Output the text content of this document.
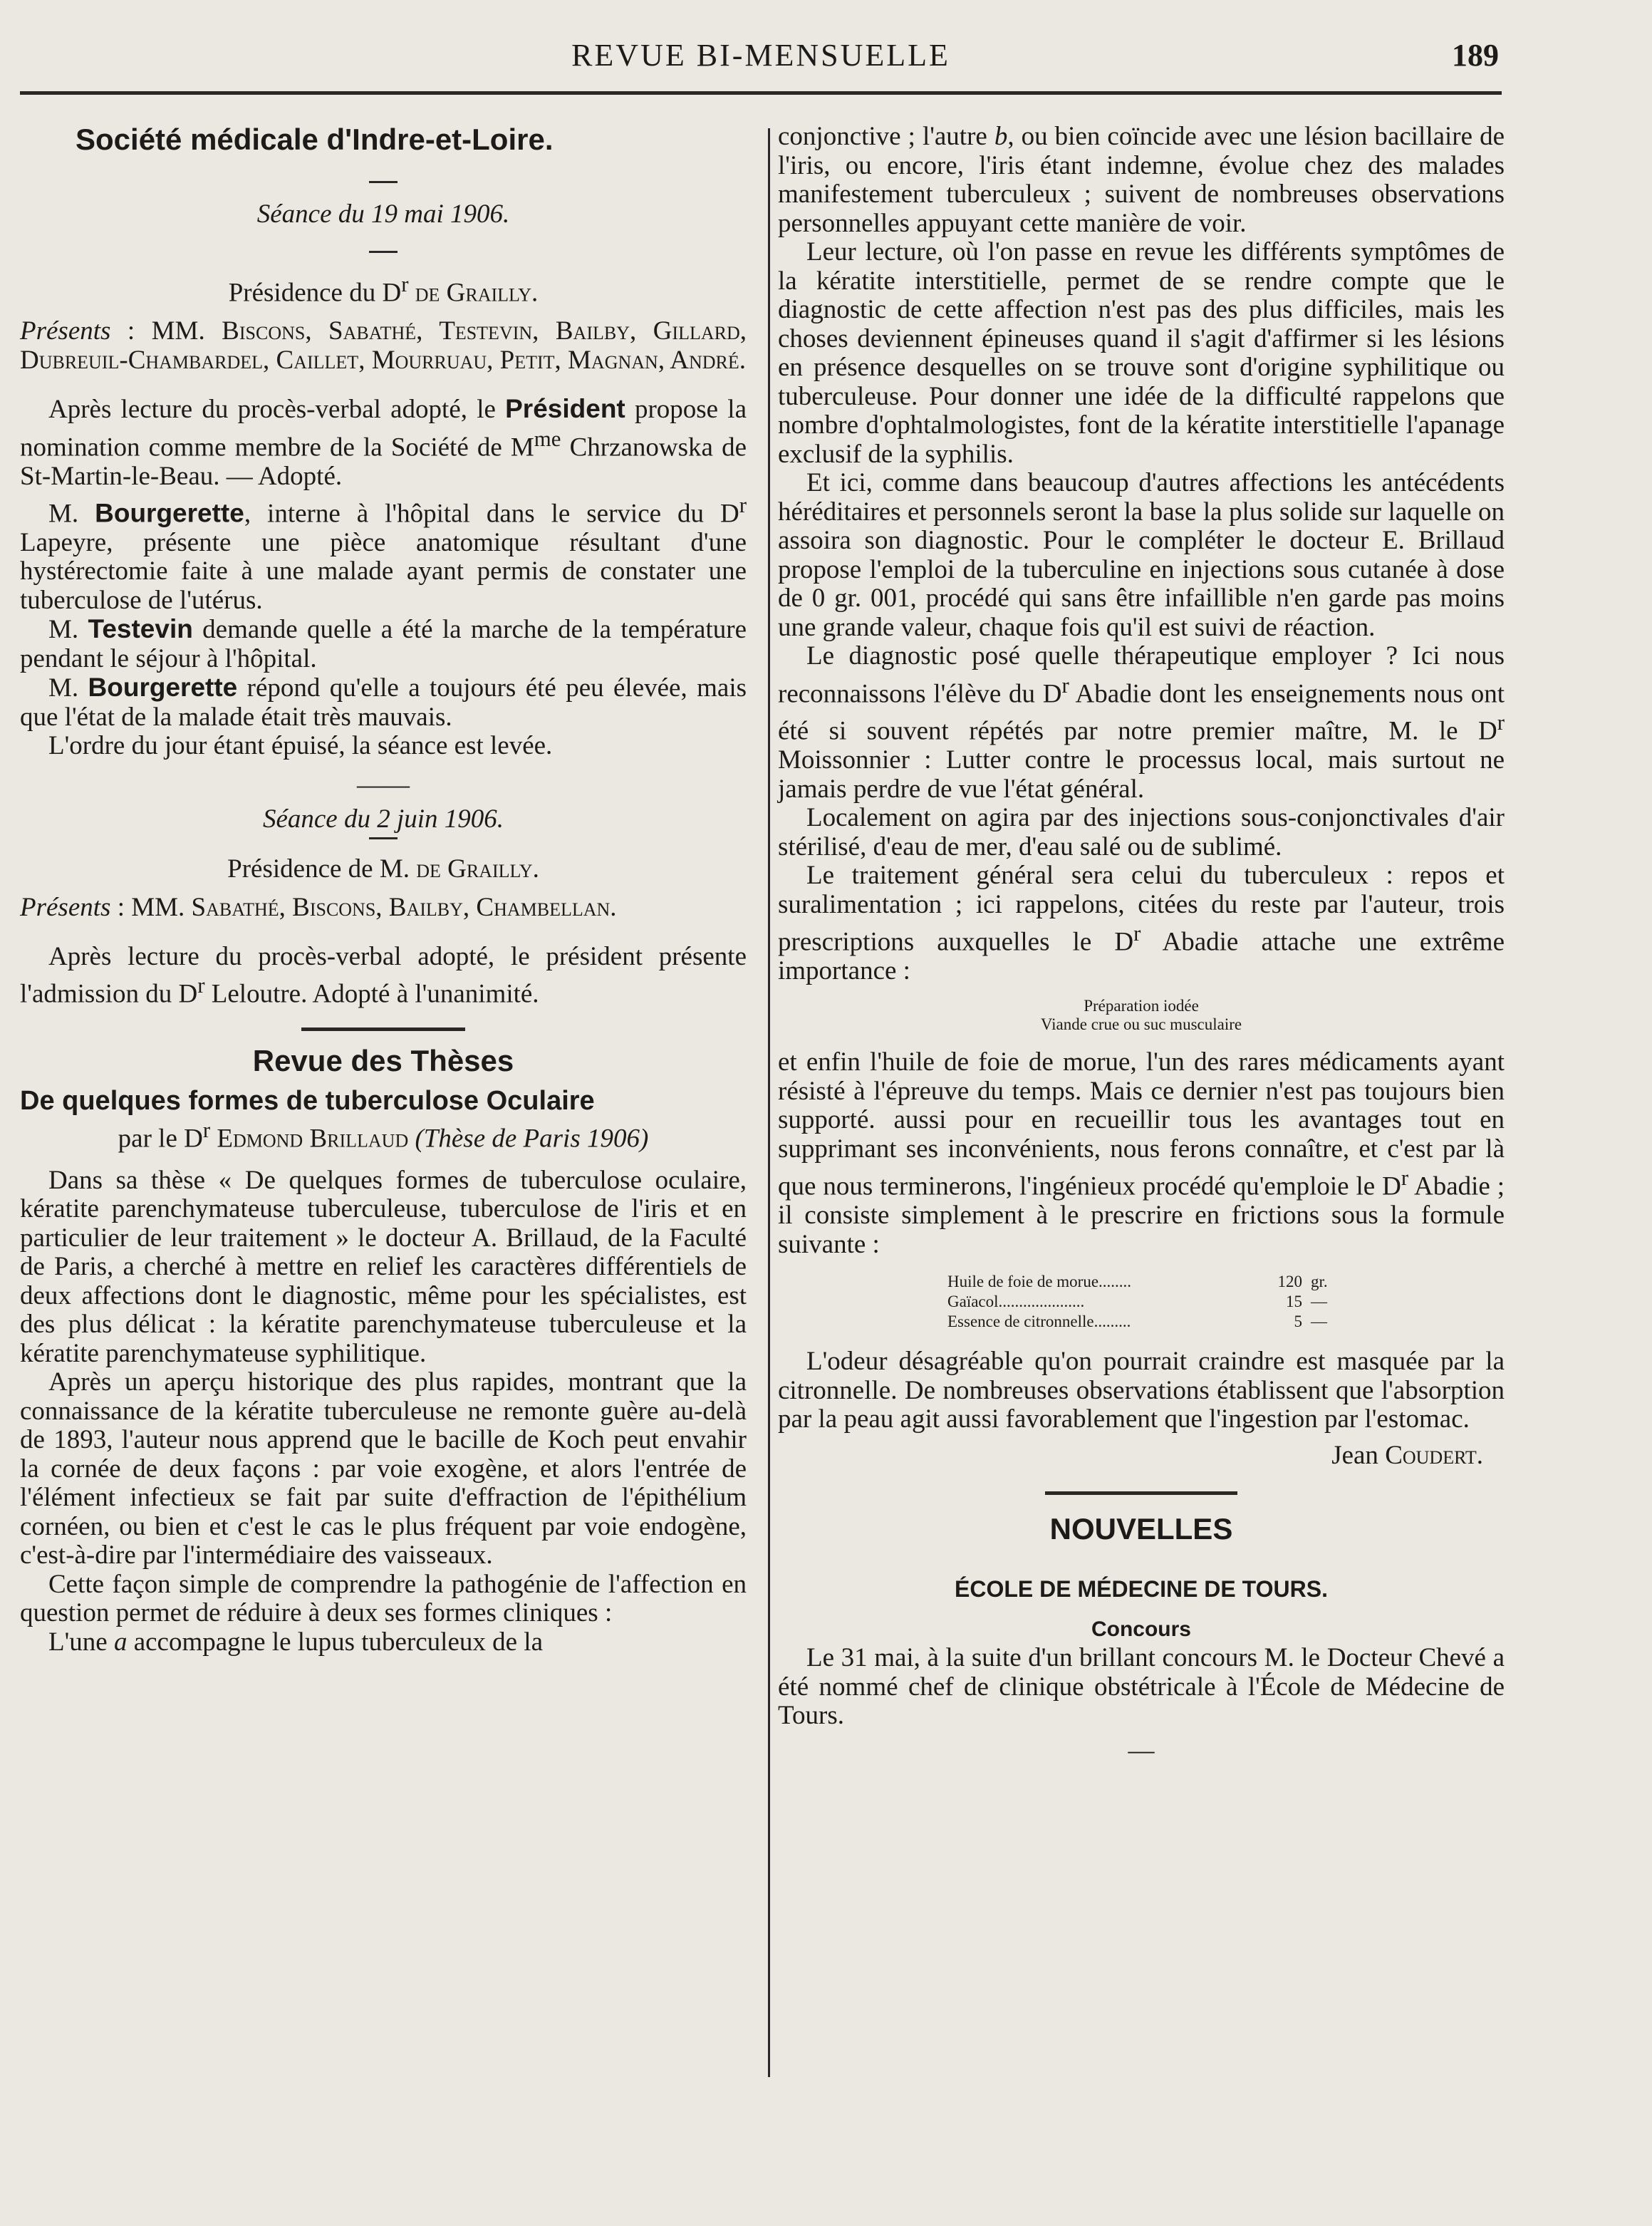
REVUE BI-MENSUELLE	189
Société médicale d'Indre-et-Loire.

Séance du 19 mai 1906.

Présidence du $D^r$ de Grailly.

Présents : MM. Biscons, Sabathé, Testevin, Bailby, Gillard, Dubreuil-Chambardel, Caillet, Mourruau, Petit, Magnan, André.

Après lecture du procès-verbal adopté, le Président propose la nomination comme membre de la Société de $M^{me}$ Chrzanowska de St-Martin-le-Beau. — Adopté.

M. Bourgerette, interne à l'hôpital dans le service du $D^r$ Lapeyre, présente une pièce anatomique résultant d'une hystérectomie faite à une malade ayant permis de constater une tuberculose de l'utérus.

M. Testevin demande quelle a été la marche de la température pendant le séjour à l'hôpital.

M. Bourgerette répond qu'elle a toujours été peu élevée, mais que l'état de la malade était très mauvais.

L'ordre du jour étant épuisé, la séance est levée.

——

Séance du 2 juin 1906.

Présidence de M. de Grailly.

Présents : MM. Sabathé, Biscons, Bailby, Chambellan.

Après lecture du procès-verbal adopté, le président présente l'admission du $D^r$ Leloutre. Adopté à l'unanimité.

Revue des Thèses

De quelques formes de tuberculose Oculaire

par le $D^r$ Edmond Brillaud (Thèse de Paris 1906)

Dans sa thèse « De quelques formes de tuberculose oculaire, kératite parenchymateuse tuberculeuse, tuberculose de l'iris et en particulier de leur traitement » le docteur A. Brillaud, de la Faculté de Paris, a cherché à mettre en relief les caractères différentiels de deux affections dont le diagnostic, même pour les spécialistes, est des plus délicat : la kératite parenchymateuse tuberculeuse et la kératite parenchymateuse syphilitique.

Après un aperçu historique des plus rapides, montrant que la connaissance de la kératite tuberculeuse ne remonte guère au-delà de 1893, l'auteur nous apprend que le bacille de Koch peut envahir la cornée de deux façons : par voie exogène, et alors l'entrée de l'élément infectieux se fait par suite d'effraction de l'épithélium cornéen, ou bien et c'est le cas le plus fréquent par voie endogène, c'est-à-dire par l'intermédiaire des vaisseaux.

Cette façon simple de comprendre la pathogénie de l'affection en question permet de réduire à deux ses formes cliniques :

L'une a accompagne le lupus tuberculeux de la

conjonctive ; l'autre b, ou bien coïncide avec une lésion bacillaire de l'iris, ou encore, l'iris étant indemne, évolue chez des malades manifestement tuberculeux ; suivent de nombreuses observations personnelles appuyant cette manière de voir.

Leur lecture, où l'on passe en revue les différents symptômes de la kératite interstitielle, permet de se rendre compte que le diagnostic de cette affection n'est pas des plus difficiles, mais les choses deviennent épineuses quand il s'agit d'affirmer si les lésions en présence desquelles on se trouve sont d'origine syphilitique ou tuberculeuse. Pour donner une idée de la difficulté rappelons que nombre d'ophtalmologistes, font de la kératite interstitielle l'apanage exclusif de la syphilis.

Et ici, comme dans beaucoup d'autres affections les antécédents héréditaires et personnels seront la base la plus solide sur laquelle on assoira son diagnostic. Pour le compléter le docteur E. Brillaud propose l'emploi de la tuberculine en injections sous cutanée à dose de 0 gr. 001, procédé qui sans être infaillible n'en garde pas moins une grande valeur, chaque fois qu'il est suivi de réaction.

Le diagnostic posé quelle thérapeutique employer ? Ici nous reconnaissons l'élève du $D^r$ Abadie dont les enseignements nous ont été si souvent répétés par notre premier maître, M. le $D^r$ Moissonnier : Lutter contre le processus local, mais surtout ne jamais perdre de vue l'état général.

Localement on agira par des injections sous-conjonctivales d'air stérilisé, d'eau de mer, d'eau salé ou de sublimé.

Le traitement général sera celui du tuberculeux : repos et suralimentation ; ici rappelons, citées du reste par l'auteur, trois prescriptions auxquelles le $D^r$ Abadie attache une extrême importance :

Préparation iodée
Viande crue ou suc musculaire

et enfin l'huile de foie de morue, l'un des rares médicaments ayant résisté à l'épreuve du temps. Mais ce dernier n'est pas toujours bien supporté. aussi pour en recueillir tous les avantages tout en supprimant ses inconvénients, nous ferons connaître, et c'est par là que nous terminerons, l'ingénieux procédé qu'emploie le $D^r$ Abadie ; il consiste simplement à le prescrire en frictions sous la formule suivante :

Huile de foie de morue........	120 gr.
Gaïacol.....................	15 —
Essence de citronnelle.........	5 —

L'odeur désagréable qu'on pourrait craindre est masquée par la citronnelle. De nombreuses observations établissent que l'absorption par la peau agit aussi favorablement que l'ingestion par l'estomac.

Jean Coudert.

NOUVELLES

ÉCOLE DE MÉDECINE DE TOURS.

Concours

Le 31 mai, à la suite d'un brillant concours M. le Docteur Chevé a été nommé chef de clinique obstétricale à l'École de Médecine de Tours.

—
